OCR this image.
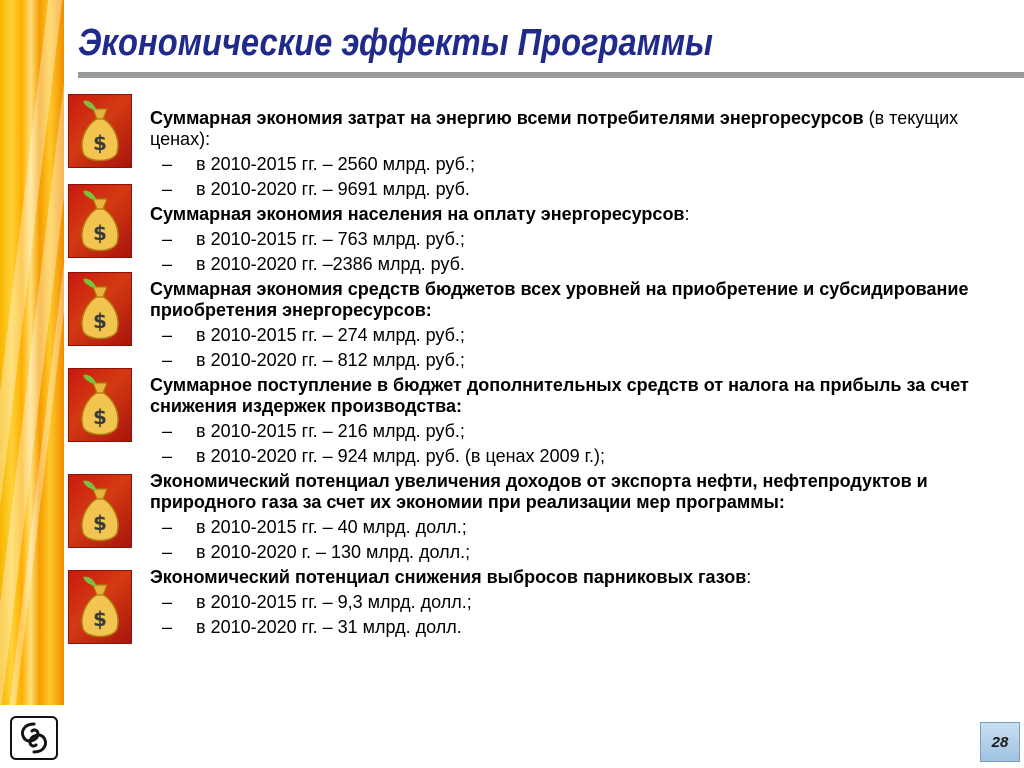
Экономические эффекты Программы
$
$
$
$
$
$

Суммарная экономия затрат на энергию всеми потребителями энергоресурсов (в текущих ценах):

– в 2010-2015 гг. – 2560 млрд. руб.;

– в 2010-2020 гг. – 9691 млрд. руб.

Суммарная экономия населения на оплату энергоресурсов:

– в 2010-2015 гг. – 763 млрд. руб.;

– в 2010-2020 гг. –2386 млрд. руб.

Суммарная экономия средств бюджетов всех уровней на приобретение и субсидирование приобретения энергоресурсов:

– в 2010-2015 гг. – 274 млрд. руб.;

– в 2010-2020 гг. – 812 млрд. руб.;

Суммарное поступление в бюджет дополнительных средств от налога на прибыль за счет снижения издержек производства:

– в 2010-2015 гг. – 216 млрд. руб.;

– в 2010-2020 гг. – 924 млрд. руб. (в ценах 2009 г.);

Экономический потенциал увеличения доходов от экспорта нефти, нефтепродуктов и природного газа за счет их экономии при реализации мер программы:

– в 2010-2015 гг. – 40 млрд. долл.;

– в 2010-2020 г. – 130 млрд. долл.;

Экономический потенциал снижения выбросов парниковых газов:

– в 2010-2015 гг. – 9,3 млрд. долл.;

– в 2010-2020 гг. – 31 млрд. долл.

28
